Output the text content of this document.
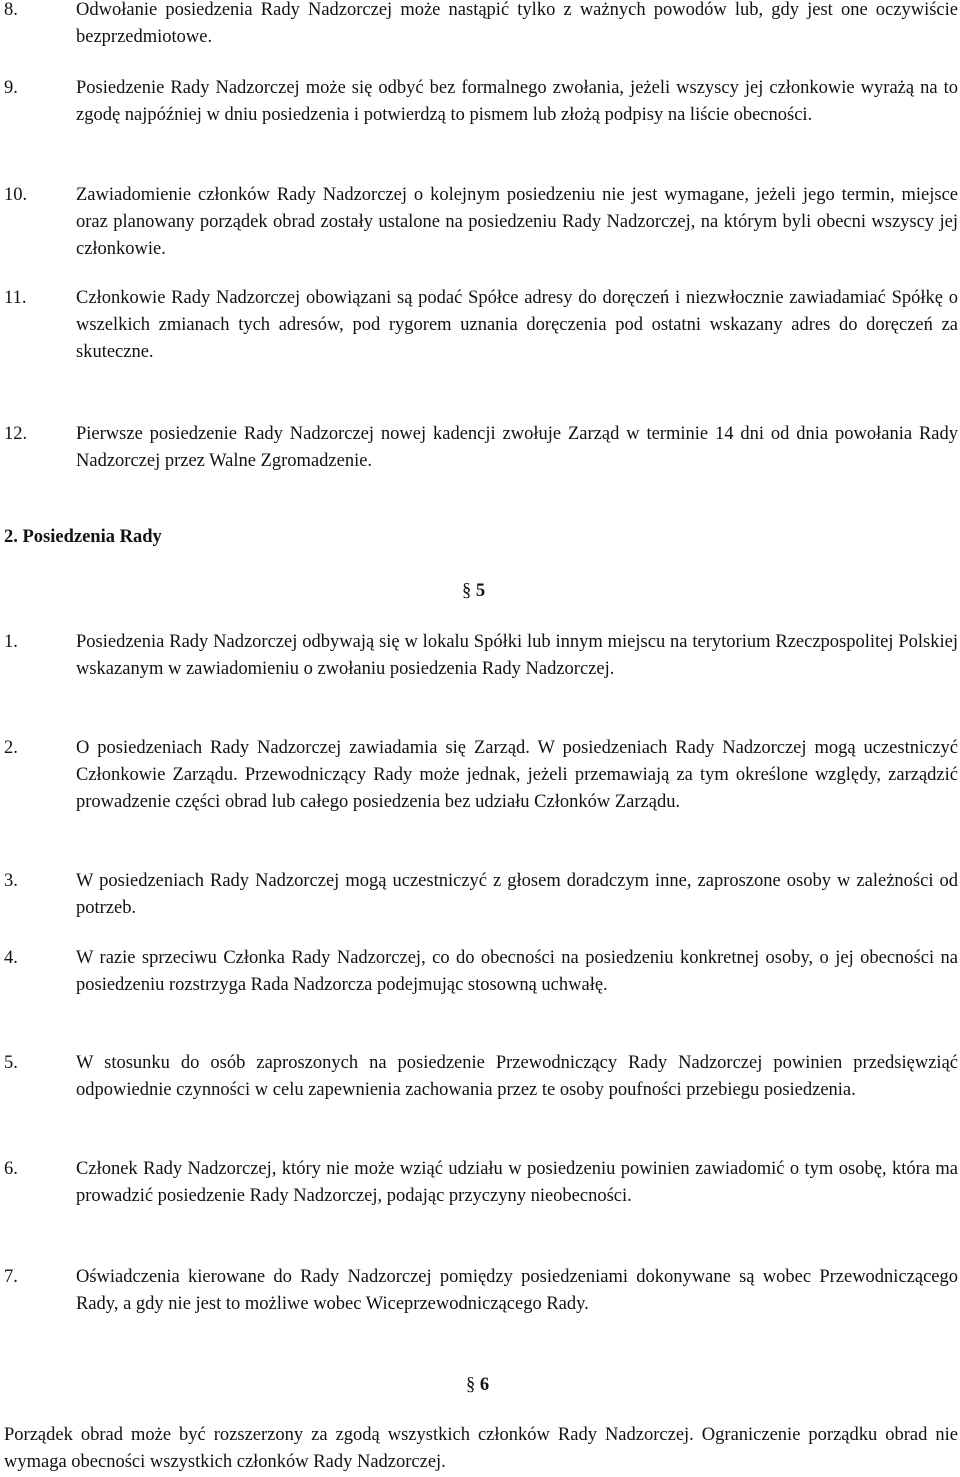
8.	Odwołanie posiedzenia Rady Nadzorczej może nastąpić tylko z ważnych powodów lub, gdy jest one oczywiście bezprzedmiotowe.
9.	Posiedzenie Rady Nadzorczej może się odbyć bez formalnego zwołania, jeżeli wszyscy jej członkowie wyrażą na to zgodę najpóźniej w dniu posiedzenia i potwierdzą to pismem lub złożą podpisy na liście obecności.
10.	Zawiadomienie członków Rady Nadzorczej o kolejnym posiedzeniu nie jest wymagane, jeżeli jego termin, miejsce oraz planowany porządek obrad zostały ustalone na posiedzeniu Rady Nadzorczej, na którym byli obecni wszyscy jej członkowie.
11.	Członkowie Rady Nadzorczej obowiązani są podać Spółce adresy do doręczeń i niezwłocznie zawiadamiać Spółkę o wszelkich zmianach tych adresów, pod rygorem uznania doręczenia pod ostatni wskazany adres do doręczeń za skuteczne.
12.	Pierwsze posiedzenie Rady Nadzorczej nowej kadencji zwołuje Zarząd w terminie 14 dni od dnia powołania Rady Nadzorczej przez Walne Zgromadzenie.
2. Posiedzenia Rady
§ 5
1.	Posiedzenia Rady Nadzorczej odbywają się w lokalu Spółki lub innym miejscu na terytorium Rzeczpospolitej Polskiej wskazanym w zawiadomieniu o zwołaniu posiedzenia Rady Nadzorczej.
2.	O posiedzeniach Rady Nadzorczej zawiadamia się Zarząd. W posiedzeniach Rady Nadzorczej mogą uczestniczyć Członkowie Zarządu. Przewodniczący Rady może jednak, jeżeli przemawiają za tym określone względy, zarządzić prowadzenie części obrad lub całego posiedzenia bez udziału Członków Zarządu.
3.	W posiedzeniach Rady Nadzorczej mogą uczestniczyć z głosem doradczym inne, zaproszone osoby w zależności od potrzeb.
4.	W razie sprzeciwu Członka Rady Nadzorczej, co do obecności na posiedzeniu konkretnej osoby, o jej obecności na posiedzeniu rozstrzyga Rada Nadzorcza podejmując stosowną uchwałę.
5.	W stosunku do osób zaproszonych na posiedzenie Przewodniczący Rady Nadzorczej powinien przedsięwziąć odpowiednie czynności w celu zapewnienia zachowania przez te osoby poufności przebiegu posiedzenia.
6.	Członek Rady Nadzorczej, który nie może wziąć udziału w posiedzeniu powinien zawiadomić o tym osobę, która ma prowadzić posiedzenie Rady Nadzorczej, podając przyczyny nieobecności.
7.	Oświadczenia kierowane do Rady Nadzorczej pomiędzy posiedzeniami dokonywane są wobec Przewodniczącego Rady, a gdy nie jest to możliwe wobec Wiceprzewodniczącego Rady.
§ 6
Porządek obrad może być rozszerzony za zgodą wszystkich członków Rady Nadzorczej. Ograniczenie porządku obrad nie wymaga obecności wszystkich członków Rady Nadzorczej.
